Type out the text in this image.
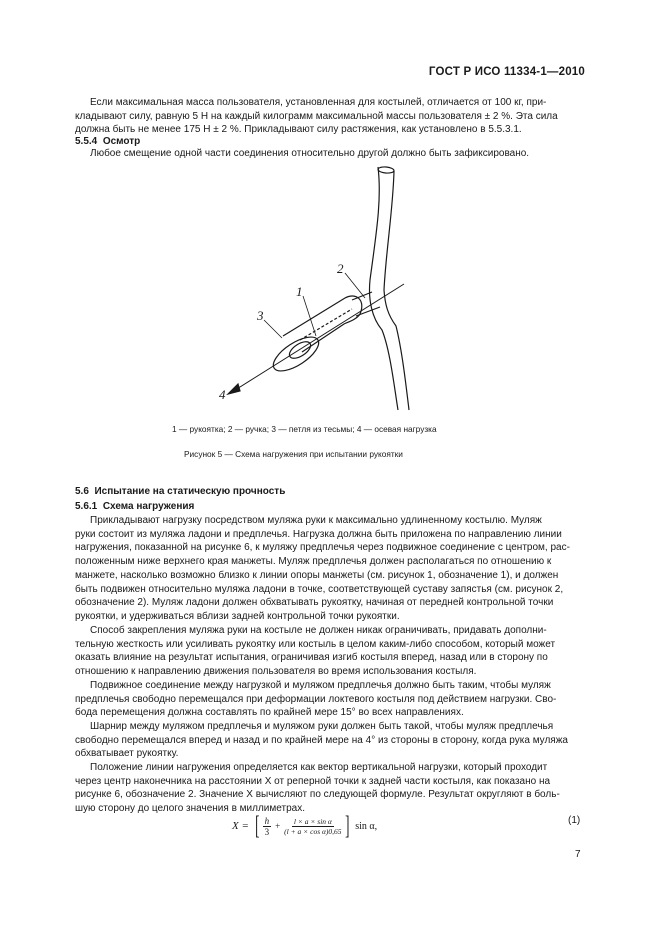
ГОСТ Р ИСО 11334-1—2010
Если максимальная масса пользователя, установленная для костылей, отличается от 100 кг, при-
кладывают силу, равную 5 Н на каждый килограмм максимальной массы пользователя ± 2 %. Эта сила
должна быть не менее 175 Н ± 2 %. Прикладывают силу растяжения, как установлено в 5.5.3.1.
5.5.4 Осмотр
Любое смещение одной части соединения относительно другой должно быть зафиксировано.
1
2
3
4
1 — рукоятка; 2 — ручка; 3 — петля из тесьмы; 4 — осевая нагрузка
Рисунок 5 — Схема нагружения при испытании рукоятки
5.6 Испытание на статическую прочность
5.6.1 Схема нагружения
Прикладывают нагрузку посредством муляжа руки к максимально удлиненному костылю. Муляж
руки состоит из муляжа ладони и предплечья. Нагрузка должна быть приложена по направлению линии
нагружения, показанной на рисунке 6, к муляжу предплечья через подвижное соединение с центром, рас-
положенным ниже верхнего края манжеты. Муляж предплечья должен располагаться по отношению к
манжете, насколько возможно близко к линии опоры манжеты (см. рисунок 1, обозначение 1), и должен
быть подвижен относительно муляжа ладони в точке, соответствующей суставу запястья (см. рисунок 2,
обозначение 2). Муляж ладони должен обхватывать рукоятку, начиная от передней контрольной точки
рукоятки, и удерживаться вблизи задней контрольной точки рукоятки.
Способ закрепления муляжа руки на костыле не должен никак ограничивать, придавать дополни-
тельную жесткость или усиливать рукоятку или костыль в целом каким-либо способом, который может
оказать влияние на результат испытания, ограничивая изгиб костыля вперед, назад или в сторону по
отношению к направлению движения пользователя во время использования костыля.
Подвижное соединение между нагрузкой и муляжом предплечья должно быть таким, чтобы муляж
предплечья свободно перемещался при деформации локтевого костыля под действием нагрузки. Сво-
бода перемещения должна составлять по крайней мере 15° во всех направлениях.
Шарнир между муляжом предплечья и муляжом руки должен быть такой, чтобы муляж предплечья
свободно перемещался вперед и назад и по крайней мере на 4° из стороны в сторону, когда рука муляжа
обхватывает рукоятку.
Положение линии нагружения определяется как вектор вертикальной нагрузки, который проходит
через центр наконечника на расстоянии X от реперной точки к задней части костыля, как показано на
рисунке 6, обозначение 2. Значение X вычисляют по следующей формуле. Результат округляют в боль-
шую сторону до целого значения в миллиметрах.
X = [ $\frac{h}{3} + \frac{\text{l × a × sin α}}{\text{(l + a × cos α)0,65}}$ ] sin α,	(1)
7
